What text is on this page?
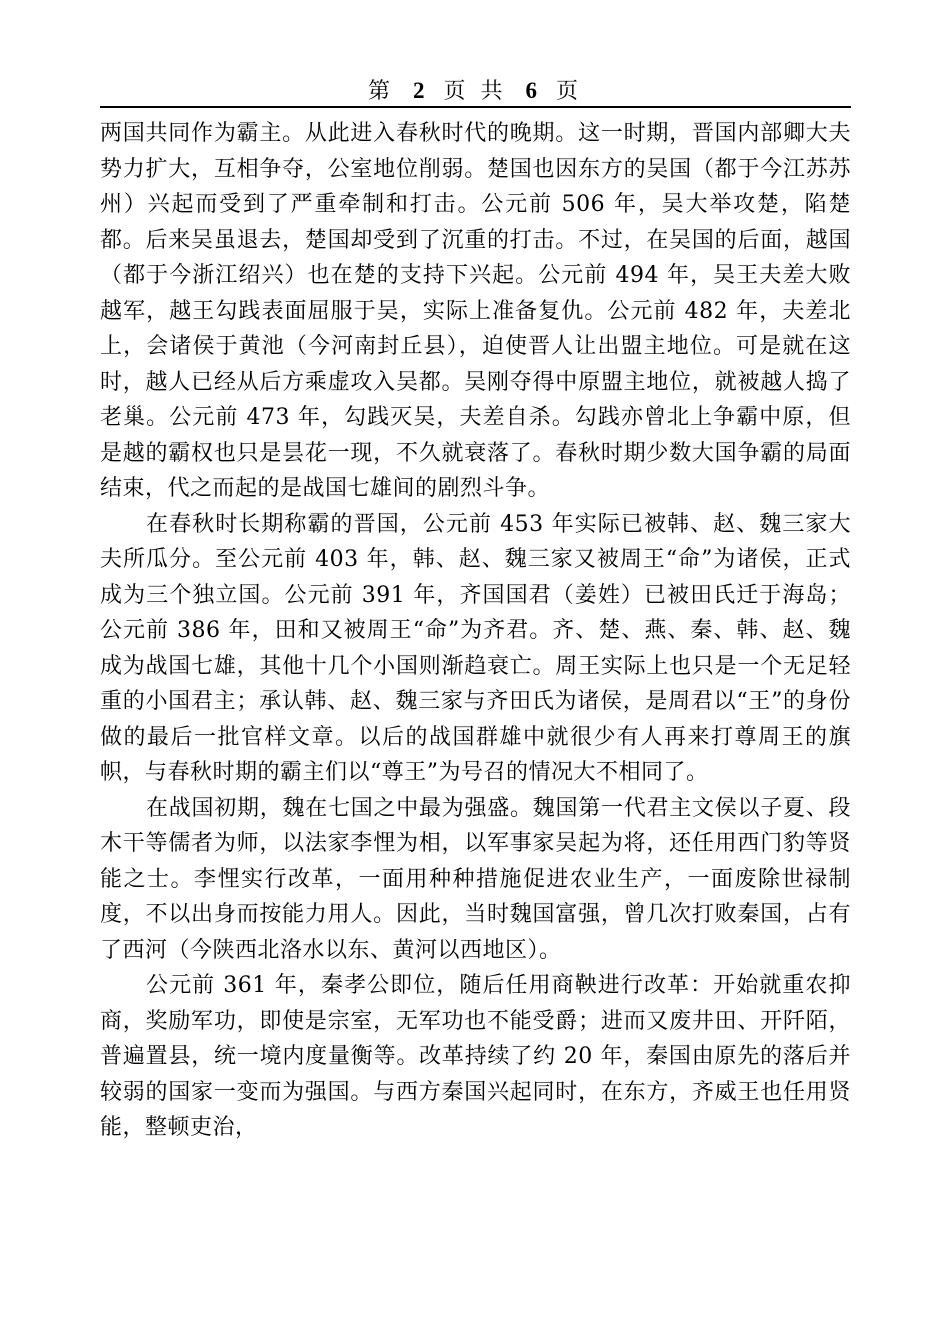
第 2 页 共 6 页

两国共同作为霸主。从此进入春秋时代的晚期。这一时期，晋国内部卿大夫势力扩大，互相争夺，公室地位削弱。楚国也因东方的吴国（都于今江苏苏州）兴起而受到了严重牵制和打击。公元前 506 年，吴大举攻楚，陷楚都。后来吴虽退去，楚国却受到了沉重的打击。不过，在吴国的后面，越国（都于今浙江绍兴）也在楚的支持下兴起。公元前 494 年，吴王夫差大败越军，越王勾践表面屈服于吴，实际上准备复仇。公元前 482 年，夫差北上，会诸侯于黄池（今河南封丘县），迫使晋人让出盟主地位。可是就在这时，越人已经从后方乘虚攻入吴都。吴刚夺得中原盟主地位，就被越人捣了老巢。公元前 473 年，勾践灭吴，夫差自杀。勾践亦曾北上争霸中原，但是越的霸权也只是昙花一现，不久就衰落了。春秋时期少数大国争霸的局面结束，代之而起的是战国七雄间的剧烈斗争。

在春秋时长期称霸的晋国，公元前 453 年实际已被韩、赵、魏三家大夫所瓜分。至公元前 403 年，韩、赵、魏三家又被周王“命”为诸侯，正式成为三个独立国。公元前 391 年，齐国国君（姜姓）已被田氏迁于海岛；公元前 386 年，田和又被周王“命”为齐君。齐、楚、燕、秦、韩、赵、魏成为战国七雄，其他十几个小国则渐趋衰亡。周王实际上也只是一个无足轻重的小国君主；承认韩、赵、魏三家与齐田氏为诸侯，是周君以“王”的身份做的最后一批官样文章。以后的战国群雄中就很少有人再来打尊周王的旗帜，与春秋时期的霸主们以“尊王”为号召的情况大不相同了。

在战国初期，魏在七国之中最为强盛。魏国第一代君主文侯以子夏、段木干等儒者为师，以法家李悝为相，以军事家吴起为将，还任用西门豹等贤能之士。李悝实行改革，一面用种种措施促进农业生产，一面废除世禄制度，不以出身而按能力用人。因此，当时魏国富强，曾几次打败秦国，占有了西河（今陕西北洛水以东、黄河以西地区）。

公元前 361 年，秦孝公即位，随后任用商鞅进行改革：开始就重农抑商，奖励军功，即使是宗室，无军功也不能受爵；进而又废井田、开阡陌，普遍置县，统一境内度量衡等。改革持续了约 20 年，秦国由原先的落后并较弱的国家一变而为强国。与西方秦国兴起同时，在东方，齐威王也任用贤能，整顿吏治，
